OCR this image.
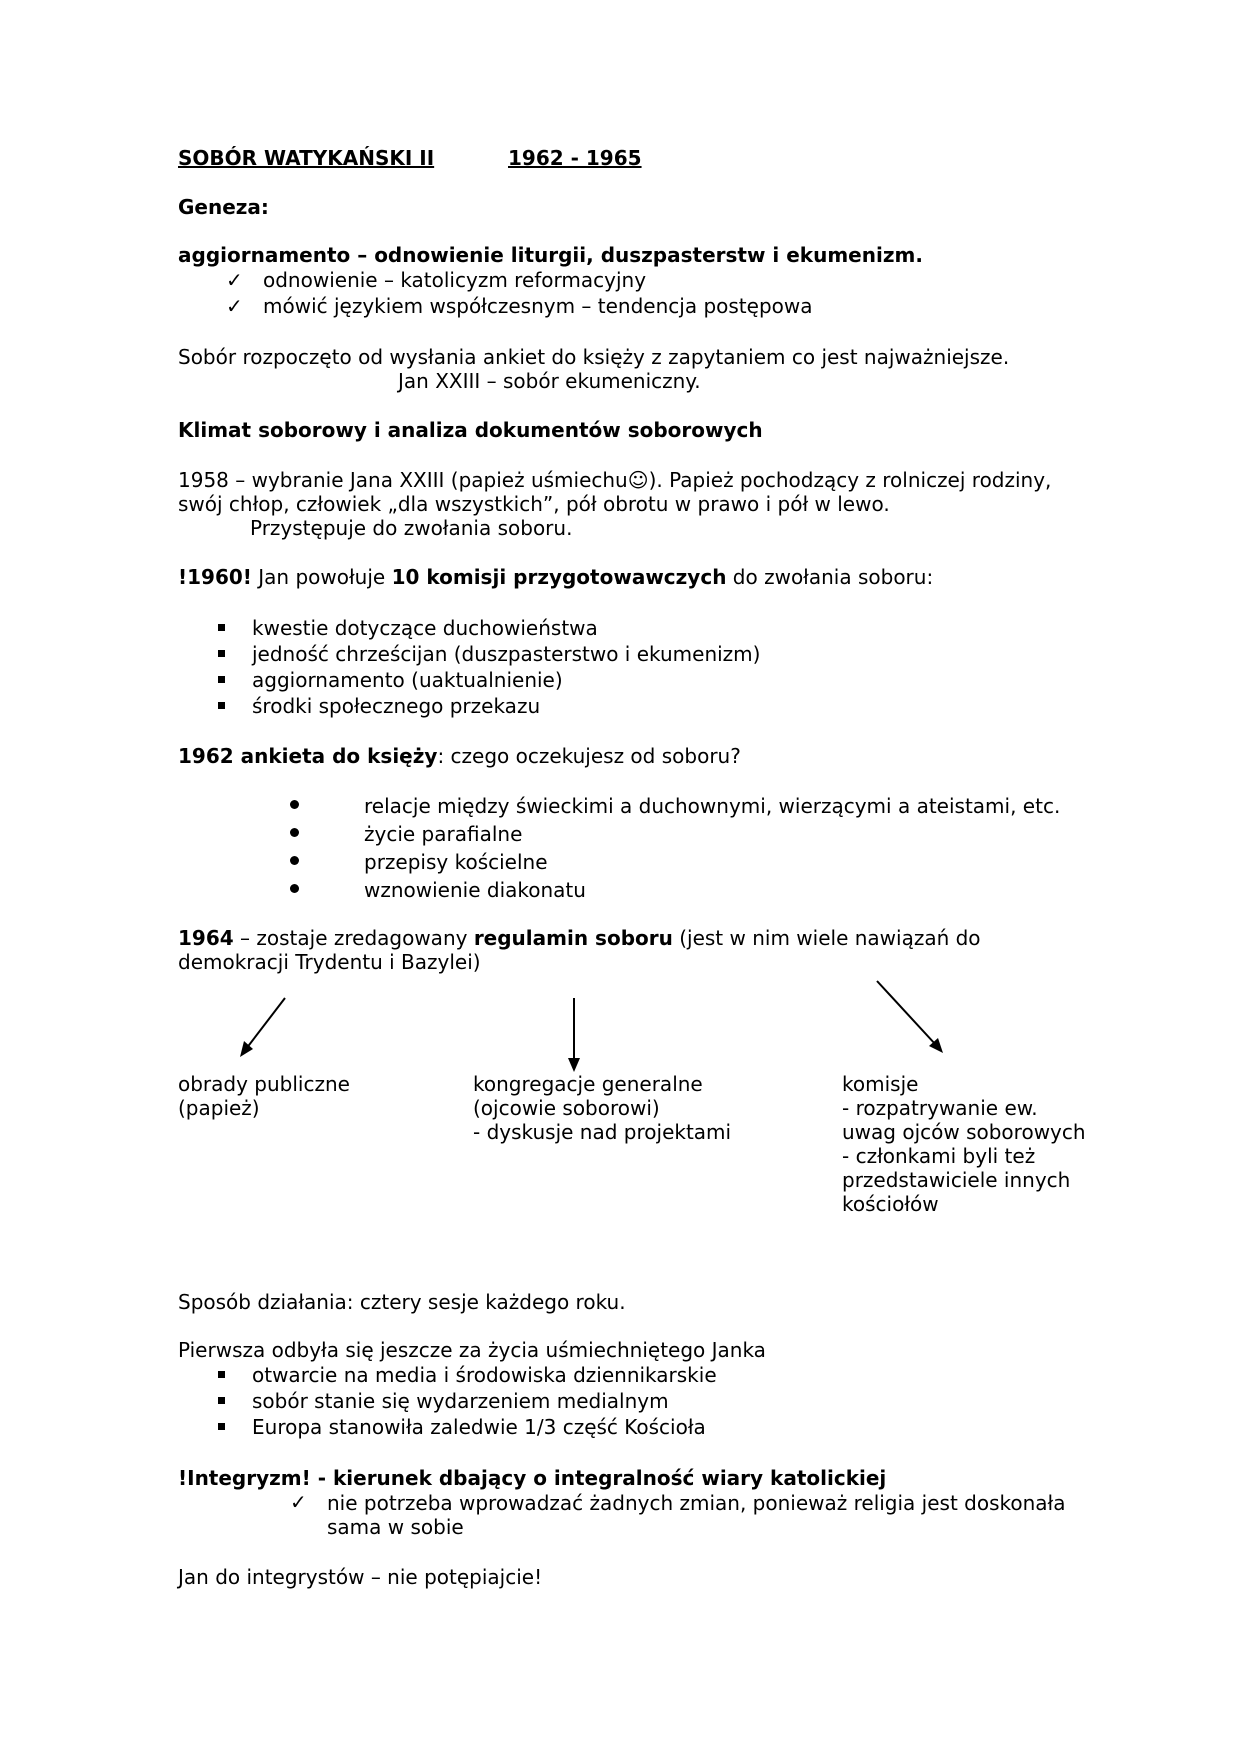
SOBÓR WATYKAŃSKI II	1962 - 1965
Geneza:
aggiornamento – odnowienie liturgii, duszpasterstw i ekumenizm.
✓ odnowienie – katolicyzm reformacyjny
✓ mówić językiem współczesnym – tendencja postępowa
Sobór rozpoczęto od wysłania ankiet do księży z zapytaniem co jest najważniejsze.
Jan XXIII – sobór ekumeniczny.
Klimat soborowy i analiza dokumentów soborowych
1958 – wybranie Jana XXIII (papież uśmiechu☺). Papież pochodzący z rolniczej rodziny,
swój chłop, człowiek „dla wszystkich”, pół obrotu w prawo i pół w lewo.
Przystępuje do zwołania soboru.
!1960! Jan powołuje 10 komisji przygotowawczych do zwołania soboru:
kwestie dotyczące duchowieństwa
jedność chrześcijan (duszpasterstwo i ekumenizm)
aggiornamento (uaktualnienie)
środki społecznego przekazu
1962 ankieta do księży: czego oczekujesz od soboru?
relacje między świeckimi a duchownymi, wierzącymi a ateistami, etc.
życie parafialne
przepisy kościelne
wznowienie diakonatu
1964 – zostaje zredagowany regulamin soboru (jest w nim wiele nawiązań do
demokracji Trydentu i Bazylei)
obrady publiczne
(papież)
kongregacje generalne
(ojcowie soborowi)
- dyskusje nad projektami
komisje
- rozpatrywanie ew.
uwag ojców soborowych
- członkami byli też
przedstawiciele innych
kościołów
Sposób działania: cztery sesje każdego roku.
Pierwsza odbyła się jeszcze za życia uśmiechniętego Janka
otwarcie na media i środowiska dziennikarskie
sobór stanie się wydarzeniem medialnym
Europa stanowiła zaledwie 1/3 część Kościoła
!Integryzm! - kierunek dbający o integralność wiary katolickiej
✓ nie potrzeba wprowadzać żadnych zmian, ponieważ religia jest doskonała
sama w sobie
Jan do integrystów – nie potępiajcie!
